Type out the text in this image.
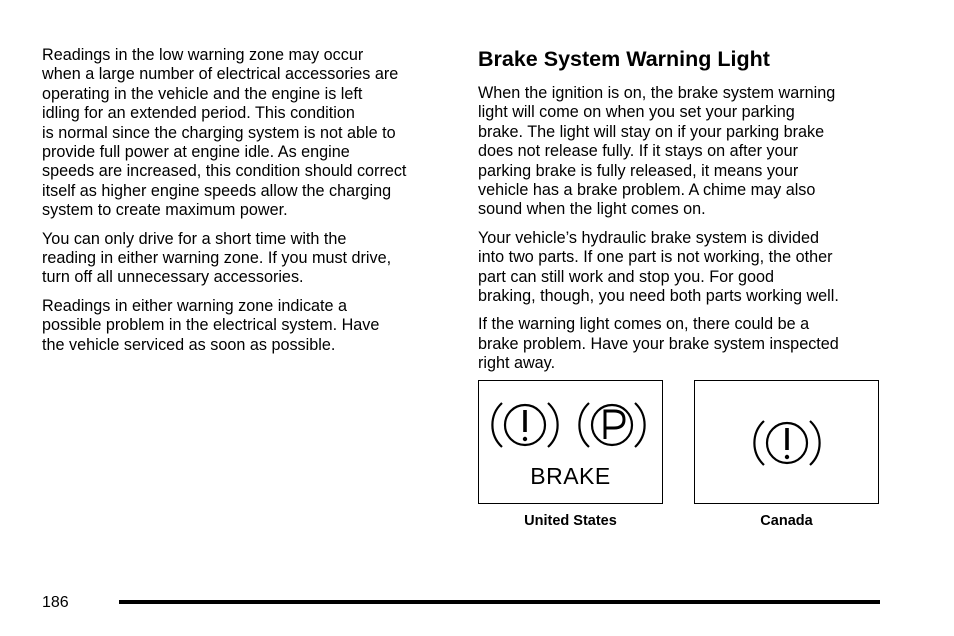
Readings in the low warning zone may occur
when a large number of electrical accessories are
operating in the vehicle and the engine is left
idling for an extended period. This condition
is normal since the charging system is not able to
provide full power at engine idle. As engine
speeds are increased, this condition should correct
itself as higher engine speeds allow the charging
system to create maximum power.

You can only drive for a short time with the
reading in either warning zone. If you must drive,
turn off all unnecessary accessories.

Readings in either warning zone indicate a
possible problem in the electrical system. Have
the vehicle serviced as soon as possible.

Brake System Warning Light

When the ignition is on, the brake system warning
light will come on when you set your parking
brake. The light will stay on if your parking brake
does not release fully. If it stays on after your
parking brake is fully released, it means your
vehicle has a brake problem. A chime may also
sound when the light comes on.

Your vehicle’s hydraulic brake system is divided
into two parts. If one part is not working, the other
part can still work and stop you. For good
braking, though, you need both parts working well.

If the warning light comes on, there could be a
brake problem. Have your brake system inspected
right away.

BRAKE
United States	Canada
186
